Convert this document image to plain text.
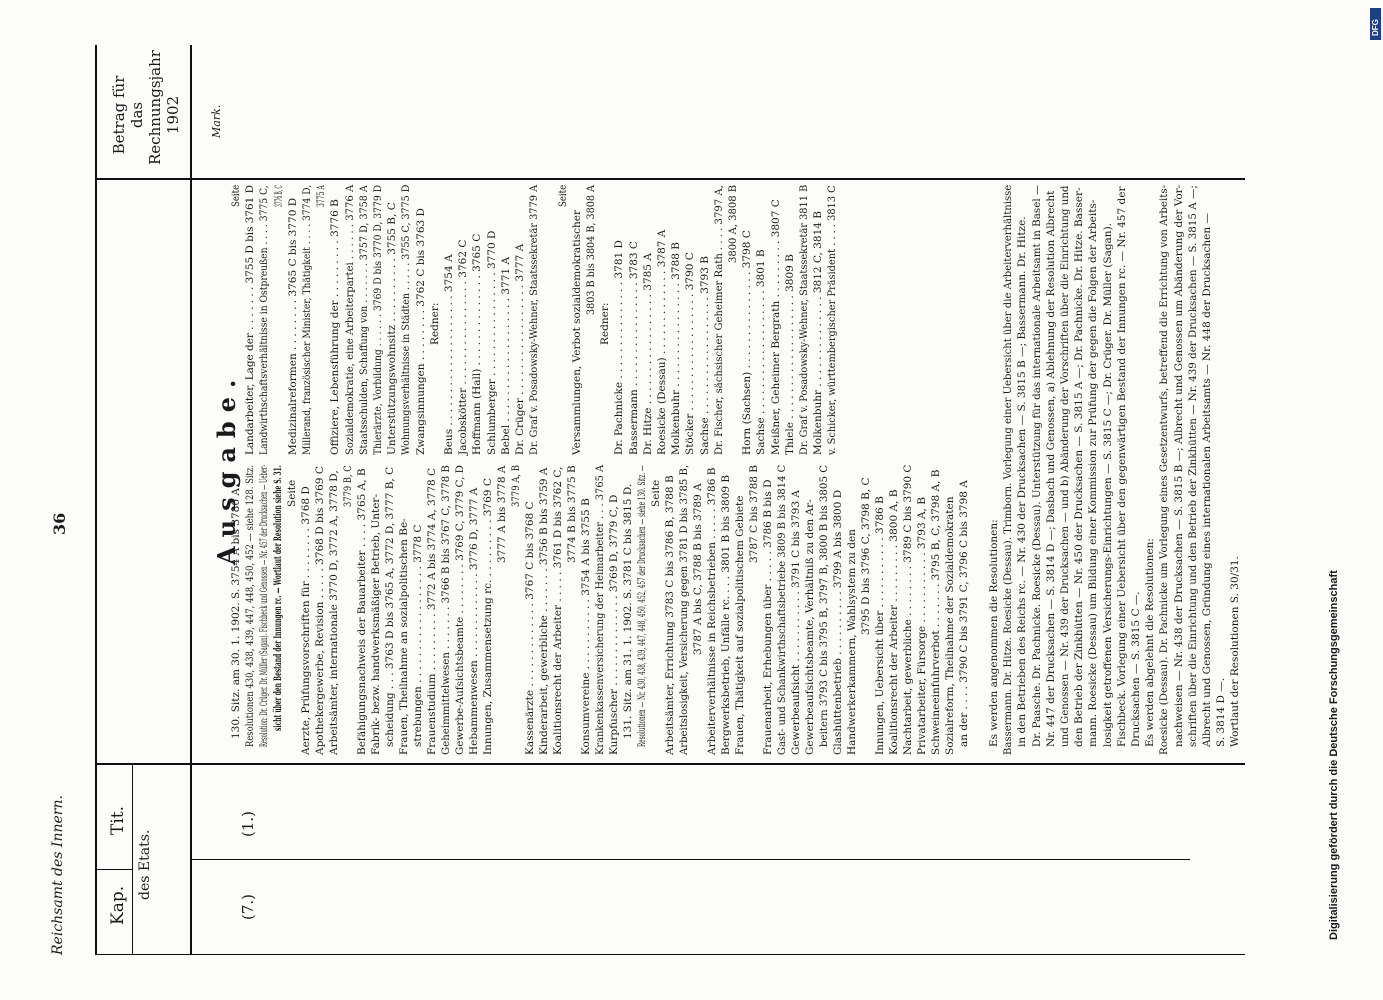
Reichsamt des Innern.
36
Kap.
Tit.
des Etats.
Ausgabe.
Betrag für das Rechnungsjahr 1902	Mark.
(7.)
(1.)
130. Sitz. am 30. 1. 1902. S. 3754 A bis 3780 A. Resolutionen 430, 438, 439, 447, 448, 450, 452 — siehe 128. Sitz. Resolution: Dr. Crüger. Dr. Müller (Sagan). Fischbeck und Genossen — Nr. 457 der Drucksachen — Ueber- sicht über den Bestand der Innungen rc. — Wortlaut der Resolution siehe S. 31. Seite Aerzte, Prüfungsvorschriften für . . . . . . . . 3768 D Apothekergewerbe, Revision . . . . . 3768 D bis 3769 C Arbeitsämter, internationale 3770 D, 3772 A, 3778 D, 3779 B, C Befähigungsnachweis der Bauarbeiter . . . . 3765 A, B Fabrik- bezw. handwerksmäßiger Betrieb, Unter- scheidung . . . 3763 D bis 3765 A, 3772 D, 3777 B, C Frauen, Theilnahme an sozialpolitischen Be- strebungen . . . . . . . . . . . . . . . . . . 3778 C Frauenstudium . . . . . . . . . 3772 A bis 3774 A, 3778 C Geheimmittelwesen . . . . . . . 3766 B bis 3767 C, 3778 B Gewerbe-Aufsichtsbeamte . . . . . . . . 3769 C, 3779 C, D Hebammenwesen . . . . . . . . . . . . . 3776 D, 3777 A Innungen, Zusammensetzung rc. . . . . . . . . . 3769 C 3777 A bis 3778 A 3779 A, B
Kassenärzte . . . . . . . . . . . . . 3767 C bis 3768 C Kinderarbeit, gewerbliche . . . . . . . 3756 B bis 3759 A Koalitionsrecht der Arbeiter . . . . . 3761 D bis 3762 C, 3774 B bis 3775 B Konsumvereine . . . . . . . . . . . 3754 A bis 3755 B Krankenkassenversicherung der Heimarbeiter . . . 3765 A Kurpfuscher . . . . . . . . . . . . . . 3769 D, 3779 C, D 131. Sitz. am 31. 1. 1902. S. 3781 C bis 3815 D. Resolutionen — Nr. 430, 438, 439, 447, 448, 450, 452, 457 der Drucksachen — siehe 130. Sitz. — Seite Arbeitsämter, Errichtung 3783 C bis 3786 B, 3788 B Arbeitslosigkeit, Versicherung gegen 3781 D bis 3785 B, 3787 A bis C, 3788 B bis 3789 A Arbeiterverhältnisse in Reichsbetrieben . . . . . 3786 B Bergwerksbetrieb, Unfälle rc. . . . 3801 B bis 3809 B Frauen, Thätigkeit auf sozialpolitischem Gebiete 3787 C bis 3788 B Frauenarbeit, Erhebungen über . . . . . 3786 B bis D Gast- und Schankwirthschaftsbetriebe 3809 B bis 3814 C Gewerbeaufsicht . . . . . . . . . . . 3791 C bis 3793 A Gewerbeaufsichtsbeamte, Verhältniß zu den Ar- beitern 3793 C bis 3795 B, 3797 B, 3800 B bis 3805 C Glashüttenbetrieb . . . . . . . . . . 3799 A bis 3800 D Handwerkerkammern, Wahlsystem zu den 3795 D bis 3796 C, 3798 B, C Innungen, Uebersicht über . . . . . . . . . . . 3786 B Koalitionsrecht der Arbeiter . . . . . . . . . 3800 A, B Nachtarbeit, gewerbliche . . . . . . . . 3789 C bis 3790 C Privatarbeiter, Fürsorge . . . . . . . . . . . 3793 A, B Schweineeinfuhrverbot . . . . . . . 3795 B, C, 3798 A, B Sozialreform, Theilnahme der Sozialdemokraten an der . . . . 3790 C bis 3791 C, 3796 C bis 3798 A
Seite Landarbeiter, Lage der . . . . . . . 3755 D bis 3761 D Landwirthschaftsverhältnisse in Ostpreußen . . . . 3775 C, 3776 B, C
Medizinalreformen . . . . . . . . 3765 C bis 3770 D Millerand, französischer Minister, Thätigkeit . . . . 3774 D, 3775 A
Offiziere, Lebensführung der . . . . . . . . . 3776 B Sozialdemokratie, eine Arbeiterpartei . . . . . . 3776 A Staatsschulden, Schaffung von . . . . . . . 3757 D, 3758 A Thierärzte, Vorbildung . . . . . . 3769 D bis 3770 D, 3779 D Unterstützungswohnsitz . . . . . . . . . . 3755 B, C Wohnungsverhältnisse in Städten . . . . . 3755 C, 3775 D Zwangsinnungen . . . . . . . . 3762 C bis 3763 D Redner: Beus . . . . . . . . . . . . . . . . . . . . 3754 A Jacobskötter . . . . . . . . . . . . . . . . 3762 C Hoffmann (Hall) . . . . . . . . . . . . . . 3765 C Schlumberger . . . . . . . . . . . . . . . . 3770 D Bebel . . . . . . . . . . . . . . . . . . . 3771 A Dr. Crüger . . . . . . . . . . . . . . . . . 3777 A Dr. Graf v. Posadowsky-Wehner, Staatssekretär 3779 A Seite
Versammlungen, Verbot sozialdemokratischer 3803 B bis 3804 B, 3808 A
Redner: Dr. Pachnicke . . . . . . . . . . . . . . . 3781 D Bassermann . . . . . . . . . . . . . . . . 3783 C Dr. Hitze . . . . . . . . . . . . . . . . . 3785 A Roesicke (Dessau) . . . . . . . . . . . . . 3787 A Molkenbuhr . . . . . . . . . . . . . . . . 3788 B Stöcker . . . . . . . . . . . . . . . . . . 3790 C Sachse . . . . . . . . . . . . . . . . . . 3793 B Dr. Fischer, sächsischer Geheimer Rath . . . . 3797 A, 3800 A, 3808 B
Horn (Sachsen) . . . . . . . . . . . . . . . 3798 C Sachse . . . . . . . . . . . . . . . . . . . 3801 B Meißner, Geheimer Bergrath . . . . . . . . . 3807 C Thiele . . . . . . . . . . . . . . . . . . . 3809 B Dr. Graf v. Posadowsky-Wehner, Staatssekretär 3811 B Molkenbuhr . . . . . . . . . . . . . . 3812 C, 3814 B v. Schicker, württembergischer Präsident . . . . 3813 C
Es werden angenommen die Resolutionen: Bassermann. Dr. Hitze. Roesicke (Dessau). Trimborn. Vorlegung einer Uebersicht über die Arbeiterverhältnisse in den Betrieben des Reichs rc. — Nr. 430 der Drucksachen — S. 3815 B —; Bassermann. Dr. Hitze. Dr. Paasche. Dr. Pachnicke. Roesicke (Dessau). Unterstützung für das internationale Arbeitsamt in Basel — Nr. 447 der Drucksachen — S. 3814 D —; Dasbach und Genossen, a) Ablehnung der Resolution Albrecht und Genossen — Nr. 439 der Drucksachen — und b) Abänderung der Vorschriften über die Einrichtung und den Betrieb der Zinkhütten — Nr. 450 der Drucksachen — S. 3815 A —; Dr. Pachnicke. Dr. Hitze. Basser- mann. Roesicke (Dessau) um Bildung einer Kommission zur Prüfung der gegen die Folgen der Arbeits- losigkeit getroffenen Versicherungs-Einrichtungen — S. 3815 C —; Dr. Crüger. Dr. Müller (Sagan). Fischbeck. Vorlegung einer Uebersicht über den gegenwärtigen Bestand der Innungen rc. — Nr. 457 der Drucksachen — S. 3815 C —. Es werden abgelehnt die Resolutionen: Roesicke (Dessau). Dr. Pachnicke um Vorlegung eines Gesetzentwurfs, betreffend die Errichtung von Arbeits- nachweisen — Nr. 438 der Drucksachen — S. 3815 B —; Albrecht und Genossen um Abänderung der Vor- schriften über die Einrichtung und den Betrieb der Zinkhütten — Nr. 439 der Drucksachen — S. 3815 A —; Albrecht und Genossen, Gründung eines internationalen Arbeitsamts — Nr. 448 der Drucksachen — S. 3814 D —. Wortlaut der Resolutionen S. 30/31.	Digitalisierung gefördert durch die Deutsche Forschungsgemeinschaft
DFG
